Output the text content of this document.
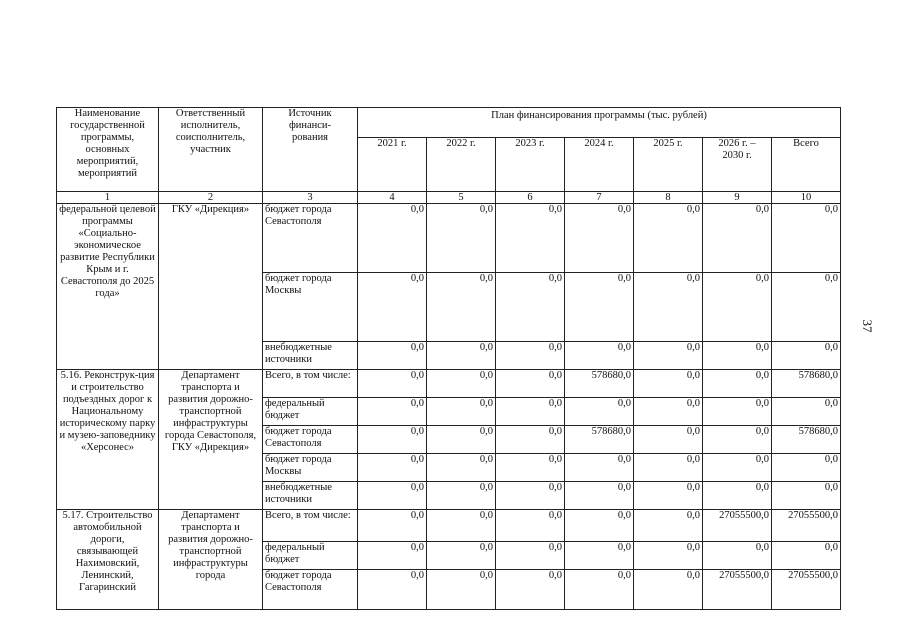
37
Наименование государственной программы, основных мероприятий, мероприятий	Ответственный исполнитель, соисполнитель, участник	Источник финанси-рования	План финансирования программы (тыс. рублей)						
			2021 г.	2022 г.	2023 г.	2024 г.	2025 г.	2026 г. – 2030 г.	Всего
1	2	3	4	5	6	7	8	9	10
федеральной целевой программы «Социально-экономическое развитие Республики Крым и г. Севастополя до 2025 года»	ГКУ «Дирекция»	бюджет города Севастополя	0,0	0,0	0,0	0,0	0,0	0,0	0,0
		бюджет города Москвы	0,0	0,0	0,0	0,0	0,0	0,0	0,0
		внебюджетные источники	0,0	0,0	0,0	0,0	0,0	0,0	0,0
5.16. Реконструк-ция и строительство подъездных дорог к Национальному историческому парку и музею-заповеднику «Херсонес»	Департамент транспорта и развития дорожно-транспортной инфраструктуры города Севастополя, ГКУ «Дирекция»	Всего, в том числе:	0,0	0,0	0,0	578680,0	0,0	0,0	578680,0
		федеральный бюджет	0,0	0,0	0,0	0,0	0,0	0,0	0,0
		бюджет города Севастополя	0,0	0,0	0,0	578680,0	0,0	0,0	578680,0
		бюджет города Москвы	0,0	0,0	0,0	0,0	0,0	0,0	0,0
		внебюджетные источники	0,0	0,0	0,0	0,0	0,0	0,0	0,0
5.17. Строительство автомобильной дороги, связывающей Нахимовский, Ленинский, Гагаринский	Департамент транспорта и развития дорожно-транспортной инфраструктуры города	Всего, в том числе:	0,0	0,0	0,0	0,0	0,0	27055500,0	27055500,0
		федеральный бюджет	0,0	0,0	0,0	0,0	0,0	0,0	0,0
		бюджет города Севастополя	0,0	0,0	0,0	0,0	0,0	27055500,0	27055500,0
